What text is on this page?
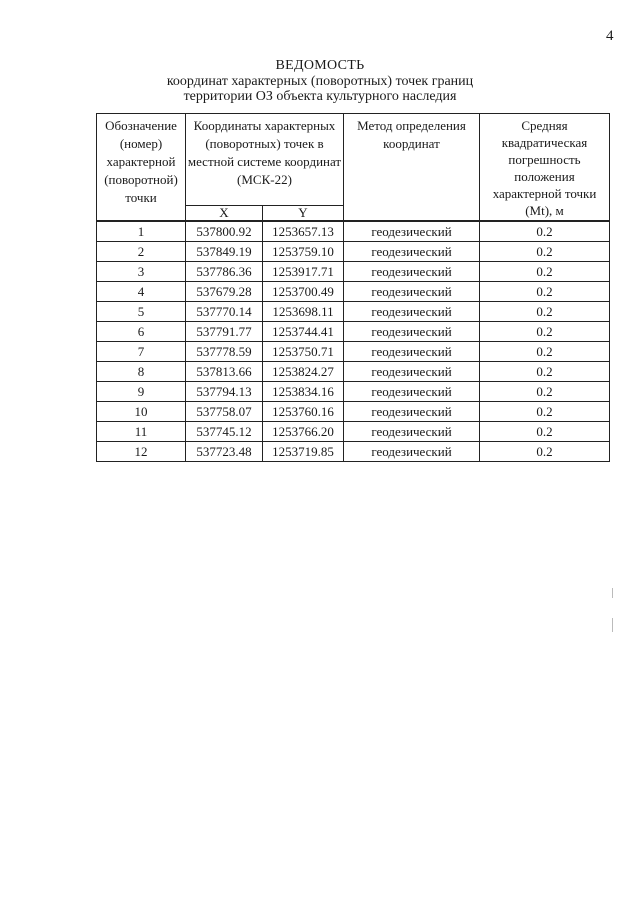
4
ВЕДОМОСТЬ
координат характерных (поворотных) точек границ
территории ОЗ объекта культурного наследия
Обозначение (номер) характерной (поворотной) точки	Координаты характерных (поворотных) точек в местной системе координат (МСК-22)		Метод определения координат	Средняя квадратическая погрешность положения характерной точки (Mt), м
	X	Y		
1	537800.92	1253657.13	геодезический	0.2
2	537849.19	1253759.10	геодезический	0.2
3	537786.36	1253917.71	геодезический	0.2
4	537679.28	1253700.49	геодезический	0.2
5	537770.14	1253698.11	геодезический	0.2
6	537791.77	1253744.41	геодезический	0.2
7	537778.59	1253750.71	геодезический	0.2
8	537813.66	1253824.27	геодезический	0.2
9	537794.13	1253834.16	геодезический	0.2
10	537758.07	1253760.16	геодезический	0.2
11	537745.12	1253766.20	геодезический	0.2
12	537723.48	1253719.85	геодезический	0.2
